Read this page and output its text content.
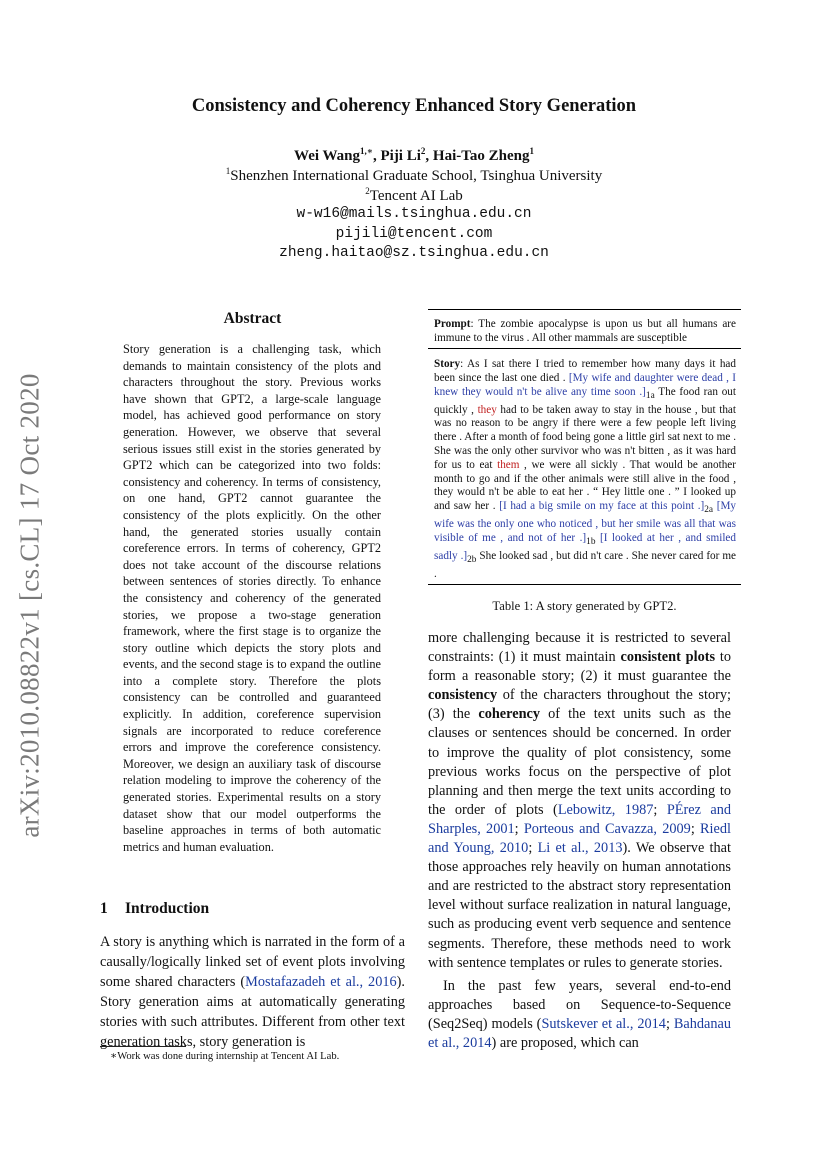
arXiv:2010.08822v1 [cs.CL] 17 Oct 2020
Consistency and Coherency Enhanced Story Generation
Wei Wang$^{1,∗}$, Piji Li$^2$, Hai-Tao Zheng$^1$
$^1$Shenzhen International Graduate School, Tsinghua University
$^2$Tencent AI Lab
w-w16@mails.tsinghua.edu.cn
pijili@tencent.com
zheng.haitao@sz.tsinghua.edu.cn
Abstract
Story generation is a challenging task, which demands to maintain consistency of the plots and characters throughout the story. Previous works have shown that GPT2, a large-scale language model, has achieved good performance on story generation. However, we observe that several serious issues still exist in the stories generated by GPT2 which can be categorized into two folds: consistency and coherency. In terms of consistency, on one hand, GPT2 cannot guarantee the consistency of the plots explicitly. On the other hand, the generated stories usually contain coreference errors. In terms of coherency, GPT2 does not take account of the discourse relations between sentences of stories directly. To enhance the consistency and coherency of the generated stories, we propose a two-stage generation framework, where the first stage is to organize the story outline which depicts the story plots and events, and the second stage is to expand the outline into a complete story. Therefore the plots consistency can be controlled and guaranteed explicitly. In addition, coreference supervision signals are incorporated to reduce coreference errors and improve the coreference consistency. Moreover, we design an auxiliary task of discourse relation modeling to improve the coherency of the generated stories. Experimental results on a story dataset show that our model outperforms the baseline approaches in terms of both automatic metrics and human evaluation.
1 Introduction
A story is anything which is narrated in the form of a causally/logically linked set of event plots involving some shared characters (Mostafazadeh et al., 2016). Story generation aims at automatically generating stories with such attributes. Different from other text generation tasks, story generation is
∗Work was done during internship at Tencent AI Lab.
Prompt: The zombie apocalypse is upon us but all humans are immune to the virus . All other mammals are susceptible
Story: As I sat there I tried to remember how many days it had been since the last one died . [My wife and daughter were dead , I knew they would n't be alive any time soon $.]_{1a}$ The food ran out quickly , they had to be taken away to stay in the house , but that was no reason to be angry if there were a few people left living there . After a month of food being gone a little girl sat next to me . She was the only other survivor who was n't bitten , as it was hard for us to eat them , we were all sickly . That would be another month to go and if the other animals were still alive in the food , they would n't be able to eat her . “ Hey little one . ” I looked up and saw her . [I had a big smile on my face at this point $.]_{2a}$ [My wife was the only one who noticed , but her smile was all that was visible of me , and not of her $.]_{1b}$ [I looked at her , and smiled sadly $.]_{2b}$ She looked sad , but did n't care . She never cared for me .
Table 1: A story generated by GPT2.

more challenging because it is restricted to several constraints: (1) it must maintain consistent plots to form a reasonable story; (2) it must guarantee the consistency of the characters throughout the story; (3) the coherency of the text units such as the clauses or sentences should be concerned. In order to improve the quality of plot consistency, some previous works focus on the perspective of plot planning and then merge the text units according to the order of plots (Lebowitz, 1987; PÉrez and Sharples, 2001; Porteous and Cavazza, 2009; Riedl and Young, 2010; Li et al., 2013). We observe that those approaches rely heavily on human annotations and are restricted to the abstract story representation level without surface realization in natural language, such as producing event verb sequence and sentence segments. Therefore, these methods need to work with sentence templates or rules to generate stories.

In the past few years, several end-to-end approaches based on Sequence-to-Sequence (Seq2Seq) models (Sutskever et al., 2014; Bahdanau et al., 2014) are proposed, which can
